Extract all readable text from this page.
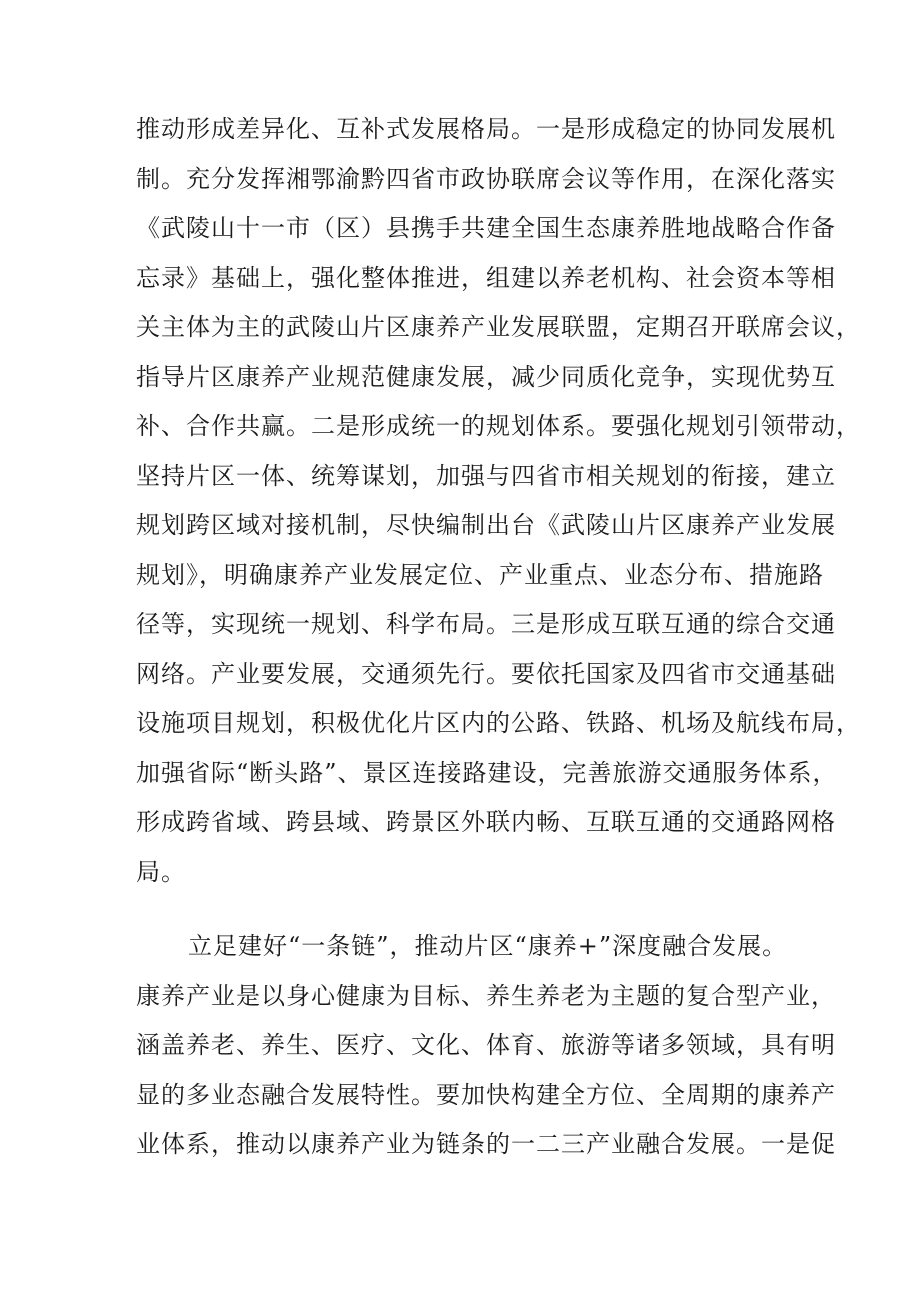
推动形成差异化、互补式发展格局。一是形成稳定的协同发展机
制。充分发挥湘鄂渝黔四省市政协联席会议等作用，在深化落实
《武陵山十一市（区）县携手共建全国生态康养胜地战略合作备
忘录》基础上，强化整体推进，组建以养老机构、社会资本等相
关主体为主的武陵山片区康养产业发展联盟，定期召开联席会议，
指导片区康养产业规范健康发展，减少同质化竞争，实现优势互
补、合作共赢。二是形成统一的规划体系。要强化规划引领带动，
坚持片区一体、统筹谋划，加强与四省市相关规划的衔接，建立
规划跨区域对接机制，尽快编制出台《武陵山片区康养产业发展
规划》，明确康养产业发展定位、产业重点、业态分布、措施路
径等，实现统一规划、科学布局。三是形成互联互通的综合交通
网络。产业要发展，交通须先行。要依托国家及四省市交通基础
设施项目规划，积极优化片区内的公路、铁路、机场及航线布局，
加强省际“断头路”、景区连接路建设，完善旅游交通服务体系，
形成跨省域、跨县域、跨景区外联内畅、互联互通的交通路网格
局。
立足建好“一条链”，推动片区“康养+”深度融合发展。
康养产业是以身心健康为目标、养生养老为主题的复合型产业，
涵盖养老、养生、医疗、文化、体育、旅游等诸多领域，具有明
显的多业态融合发展特性。要加快构建全方位、全周期的康养产
业体系，推动以康养产业为链条的一二三产业融合发展。一是促
